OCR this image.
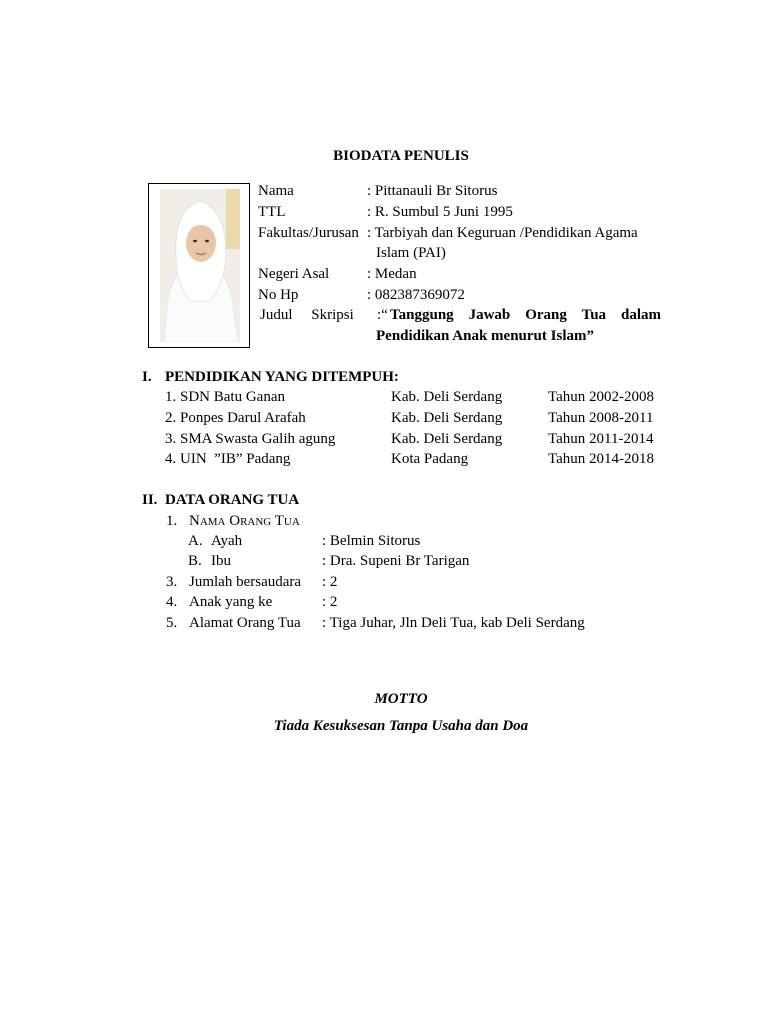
BIODATA PENULIS
Nama	: Pittanauli Br Sitorus
TTL	: R. Sumbul 5 Juni 1995
Fakultas/Jurusan : Tarbiyah dan Keguruan /Pendidikan Agama
Islam (PAI)
Negeri Asal	: Medan
No Hp	: 082387369072
Judul     Skripsi :“ Tanggung Jawab Orang Tua dalam
Pendidikan Anak menurut Islam”
I. PENDIDIKAN YANG DITEMPUH:
1. SDN Batu Ganan	Kab. Deli Serdang	Tahun 2002-2008
2. Ponpes Darul Arafah	Kab. Deli Serdang	Tahun 2008-2011
3. SMA Swasta Galih agung	Kab. Deli Serdang	Tahun 2011-2014
4. UIN  ”IB” Padang	Kota Padang	Tahun 2014-2018
II. DATA ORANG TUA
1. Nama Orang Tua
A. Ayah	: Belmin Sitorus
B. Ibu	: Dra. Supeni Br Tarigan
3. Jumlah bersaudara : 2
4. Anak yang ke	: 2
5. Alamat Orang Tua : Tiga Juhar, Jln Deli Tua, kab Deli Serdang
MOTTO
Tiada Kesuksesan Tanpa Usaha dan Doa
